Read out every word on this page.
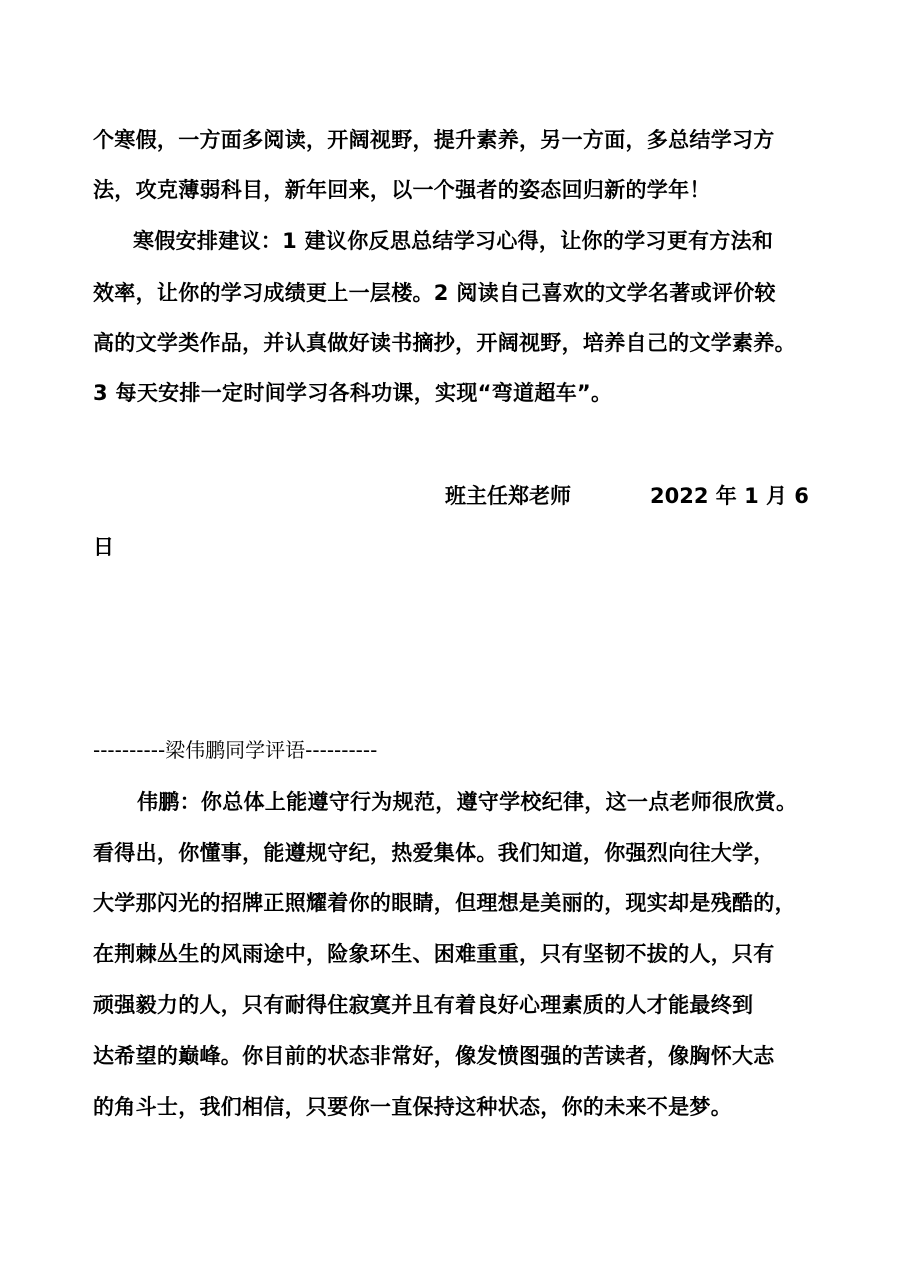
个寒假，一方面多阅读，开阔视野，提升素养，另一方面，多总结学习方
法，攻克薄弱科目，新年回来，以一个强者的姿态回归新的学年！
寒假安排建议：1 建议你反思总结学习心得，让你的学习更有方法和
效率，让你的学习成绩更上一层楼。2 阅读自己喜欢的文学名著或评价较
高的文学类作品，并认真做好读书摘抄，开阔视野，培养自己的文学素养。
3 每天安排一定时间学习各科功课，实现“弯道超车”。
班主任郑老师	2022 年 1 月 6
日
----------梁伟鹏同学评语----------
伟鹏：你总体上能遵守行为规范，遵守学校纪律，这一点老师很欣赏。
看得出，你懂事，能遵规守纪，热爱集体。我们知道，你强烈向往大学，
大学那闪光的招牌正照耀着你的眼睛，但理想是美丽的，现实却是残酷的，
在荆棘丛生的风雨途中，险象环生、困难重重，只有坚韧不拔的人，只有
顽强毅力的人，只有耐得住寂寞并且有着良好心理素质的人才能最终到
达希望的巅峰。你目前的状态非常好，像发愤图强的苦读者，像胸怀大志
的角斗士，我们相信，只要你一直保持这种状态，你的未来不是梦。
